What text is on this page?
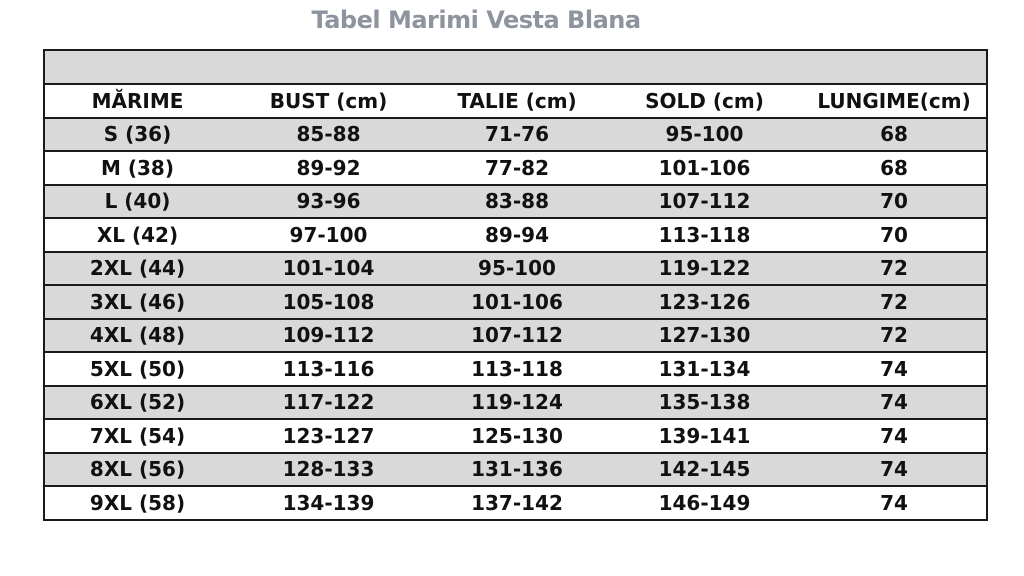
Tabel Marimi Vesta Blana

MĂRIME	BUST (cm)	TALIE (cm)	SOLD (cm)	LUNGIME(cm)
S (36)	85-88	71-76	95-100	68
M (38)	89-92	77-82	101-106	68
L (40)	93-96	83-88	107-112	70
XL (42)	97-100	89-94	113-118	70
2XL (44)	101-104	95-100	119-122	72
3XL (46)	105-108	101-106	123-126	72
4XL (48)	109-112	107-112	127-130	72
5XL (50)	113-116	113-118	131-134	74
6XL (52)	117-122	119-124	135-138	74
7XL (54)	123-127	125-130	139-141	74
8XL (56)	128-133	131-136	142-145	74
9XL (58)	134-139	137-142	146-149	74
